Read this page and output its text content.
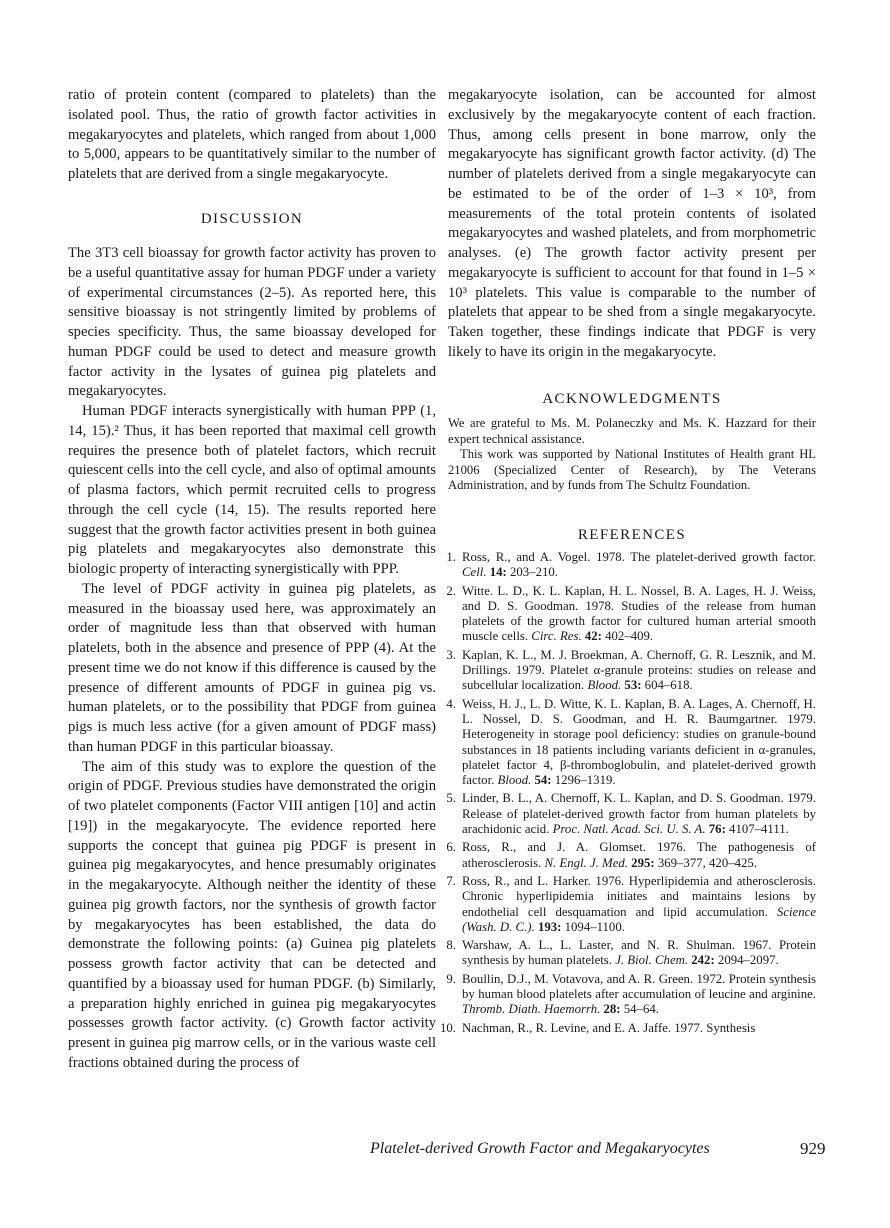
ratio of protein content (compared to platelets) than the isolated pool. Thus, the ratio of growth factor activities in megakaryocytes and platelets, which ranged from about 1,000 to 5,000, appears to be quantitatively similar to the number of platelets that are derived from a single megakaryocyte.

DISCUSSION

The 3T3 cell bioassay for growth factor activity has proven to be a useful quantitative assay for human PDGF under a variety of experimental circumstances (2–5). As reported here, this sensitive bioassay is not stringently limited by problems of species specificity. Thus, the same bioassay developed for human PDGF could be used to detect and measure growth factor activity in the lysates of guinea pig platelets and megakaryocytes.

Human PDGF interacts synergistically with human PPP (1, 14, 15).² Thus, it has been reported that maximal cell growth requires the presence both of platelet factors, which recruit quiescent cells into the cell cycle, and also of optimal amounts of plasma factors, which permit recruited cells to progress through the cell cycle (14, 15). The results reported here suggest that the growth factor activities present in both guinea pig platelets and megakaryocytes also demonstrate this biologic property of interacting synergistically with PPP.

The level of PDGF activity in guinea pig platelets, as measured in the bioassay used here, was approximately an order of magnitude less than that observed with human platelets, both in the absence and presence of PPP (4). At the present time we do not know if this difference is caused by the presence of different amounts of PDGF in guinea pig vs. human platelets, or to the possibility that PDGF from guinea pigs is much less active (for a given amount of PDGF mass) than human PDGF in this particular bioassay.

The aim of this study was to explore the question of the origin of PDGF. Previous studies have demonstrated the origin of two platelet components (Factor VIII antigen [10] and actin [19]) in the megakaryocyte. The evidence reported here supports the concept that guinea pig PDGF is present in guinea pig megakaryocytes, and hence presumably originates in the megakaryocyte. Although neither the identity of these guinea pig growth factors, nor the synthesis of growth factor by megakaryocytes has been established, the data do demonstrate the following points: (a) Guinea pig platelets possess growth factor activity that can be detected and quantified by a bioassay used for human PDGF. (b) Similarly, a preparation highly enriched in guinea pig megakaryocytes possesses growth factor activity. (c) Growth factor activity present in guinea pig marrow cells, or in the various waste cell fractions obtained during the process of

megakaryocyte isolation, can be accounted for almost exclusively by the megakaryocyte content of each fraction. Thus, among cells present in bone marrow, only the megakaryocyte has significant growth factor activity. (d) The number of platelets derived from a single megakaryocyte can be estimated to be of the order of 1–3 × 10³, from measurements of the total protein contents of isolated megakaryocytes and washed platelets, and from morphometric analyses. (e) The growth factor activity present per megakaryocyte is sufficient to account for that found in 1–5 × 10³ platelets. This value is comparable to the number of platelets that appear to be shed from a single megakaryocyte. Taken together, these findings indicate that PDGF is very likely to have its origin in the megakaryocyte.

ACKNOWLEDGMENTS

We are grateful to Ms. M. Polaneczky and Ms. K. Hazzard for their expert technical assistance.

This work was supported by National Institutes of Health grant HL 21006 (Specialized Center of Research), by The Veterans Administration, and by funds from The Schultz Foundation.

REFERENCES
1. Ross, R., and A. Vogel. 1978. The platelet-derived growth factor. Cell. 14: 203–210.
2. Witte. L. D., K. L. Kaplan, H. L. Nossel, B. A. Lages, H. J. Weiss, and D. S. Goodman. 1978. Studies of the release from human platelets of the growth factor for cultured human arterial smooth muscle cells. Circ. Res. 42: 402–409.
3. Kaplan, K. L., M. J. Broekman, A. Chernoff, G. R. Lesznik, and M. Drillings. 1979. Platelet α-granule proteins: studies on release and subcellular localization. Blood. 53: 604–618.
4. Weiss, H. J., L. D. Witte, K. L. Kaplan, B. A. Lages, A. Chernoff, H. L. Nossel, D. S. Goodman, and H. R. Baumgartner. 1979. Heterogeneity in storage pool deficiency: studies on granule-bound substances in 18 patients including variants deficient in α-granules, platelet factor 4, β-thromboglobulin, and platelet-derived growth factor. Blood. 54: 1296–1319.
5. Linder, B. L., A. Chernoff, K. L. Kaplan, and D. S. Goodman. 1979. Release of platelet-derived growth factor from human platelets by arachidonic acid. Proc. Natl. Acad. Sci. U. S. A. 76: 4107–4111.
6. Ross, R., and J. A. Glomset. 1976. The pathogenesis of atherosclerosis. N. Engl. J. Med. 295: 369–377, 420–425.
7. Ross, R., and L. Harker. 1976. Hyperlipidemia and atherosclerosis. Chronic hyperlipidemia initiates and maintains lesions by endothelial cell desquamation and lipid accumulation. Science (Wash. D. C.). 193: 1094–1100.
8. Warshaw, A. L., L. Laster, and N. R. Shulman. 1967. Protein synthesis by human platelets. J. Biol. Chem. 242: 2094–2097.
9. Boullin, D.J., M. Votavova, and A. R. Green. 1972. Protein synthesis by human blood platelets after accumulation of leucine and arginine. Thromb. Diath. Haemorrh. 28: 54–64.
10. Nachman, R., R. Levine, and E. A. Jaffe. 1977. Synthesis
Platelet-derived Growth Factor and Megakaryocytes	929
